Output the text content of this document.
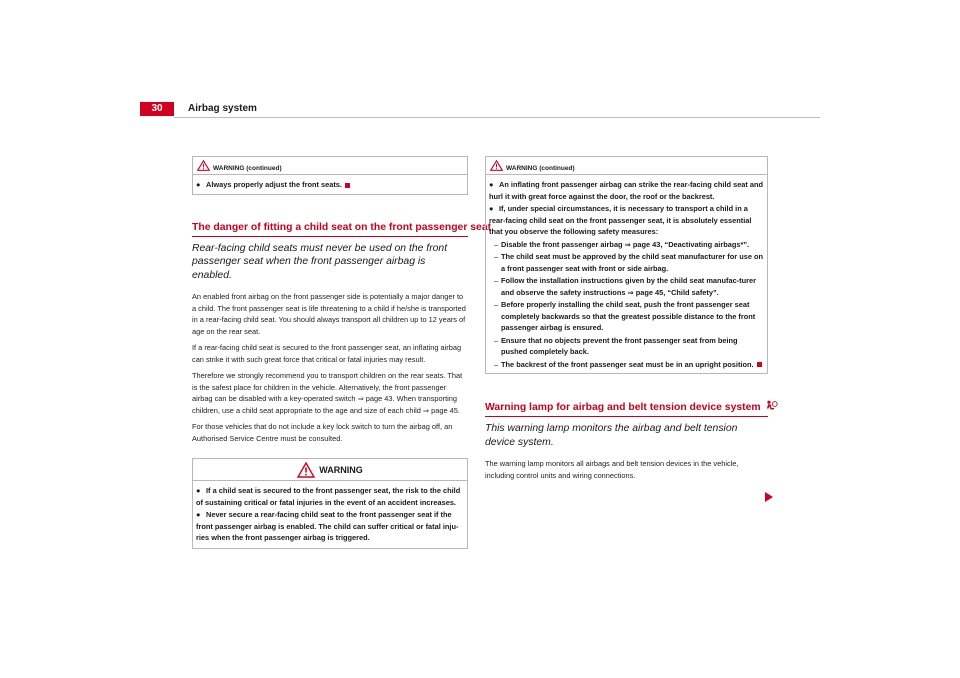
30	Airbag system
WARNING (continued)
● Always properly adjust the front seats.
The danger of fitting a child seat on the front passenger seat
Rear-facing child seats must never be used on the front passenger seat when the front passenger airbag is enabled.
An enabled front airbag on the front passenger side is potentially a major danger to a child. The front passenger seat is life threatening to a child if he/she is transported in a rear-facing child seat. You should always transport all children up to 12 years of age on the rear seat.
If a rear-facing child seat is secured to the front passenger seat, an inflating airbag can strike it with such great force that critical or fatal injuries may result.
Therefore we strongly recommend you to transport children on the rear seats. That is the safest place for children in the vehicle. Alternatively, the front passenger airbag can be disabled with a key-operated switch ⇒ page 43. When transporting children, use a child seat appropriate to the age and size of each child ⇒ page 45.
For those vehicles that do not include a key lock switch to turn the airbag off, an Authorised Service Centre must be consulted.
WARNING
● If a child seat is secured to the front passenger seat, the risk to the child of sustaining critical or fatal injuries in the event of an accident increases.
● Never secure a rear-facing child seat to the front passenger seat if the front passenger airbag is enabled. The child can suffer critical or fatal inju-ries when the front passenger airbag is triggered.
WARNING (continued)
● An inflating front passenger airbag can strike the rear-facing child seat and hurl it with great force against the door, the roof or the backrest.
● If, under special circumstances, it is necessary to transport a child in a rear-facing child seat on the front passenger seat, it is absolutely essential that you observe the following safety measures:
– Disable the front passenger airbag ⇒ page 43, “Deactivating airbags*”.
– The child seat must be approved by the child seat manufacturer for use on a front passenger seat with front or side airbag.
– Follow the installation instructions given by the child seat manufac-turer and observe the safety instructions ⇒ page 45, “Child safety”.
– Before properly installing the child seat, push the front passenger seat completely backwards so that the greatest possible distance to the front passenger airbag is ensured.
– Ensure that no objects prevent the front passenger seat from being pushed completely back.
– The backrest of the front passenger seat must be in an upright position.
Warning lamp for airbag and belt tension device system
This warning lamp monitors the airbag and belt tension device system.
The warning lamp monitors all airbags and belt tension devices in the vehicle, including control units and wiring connections.
